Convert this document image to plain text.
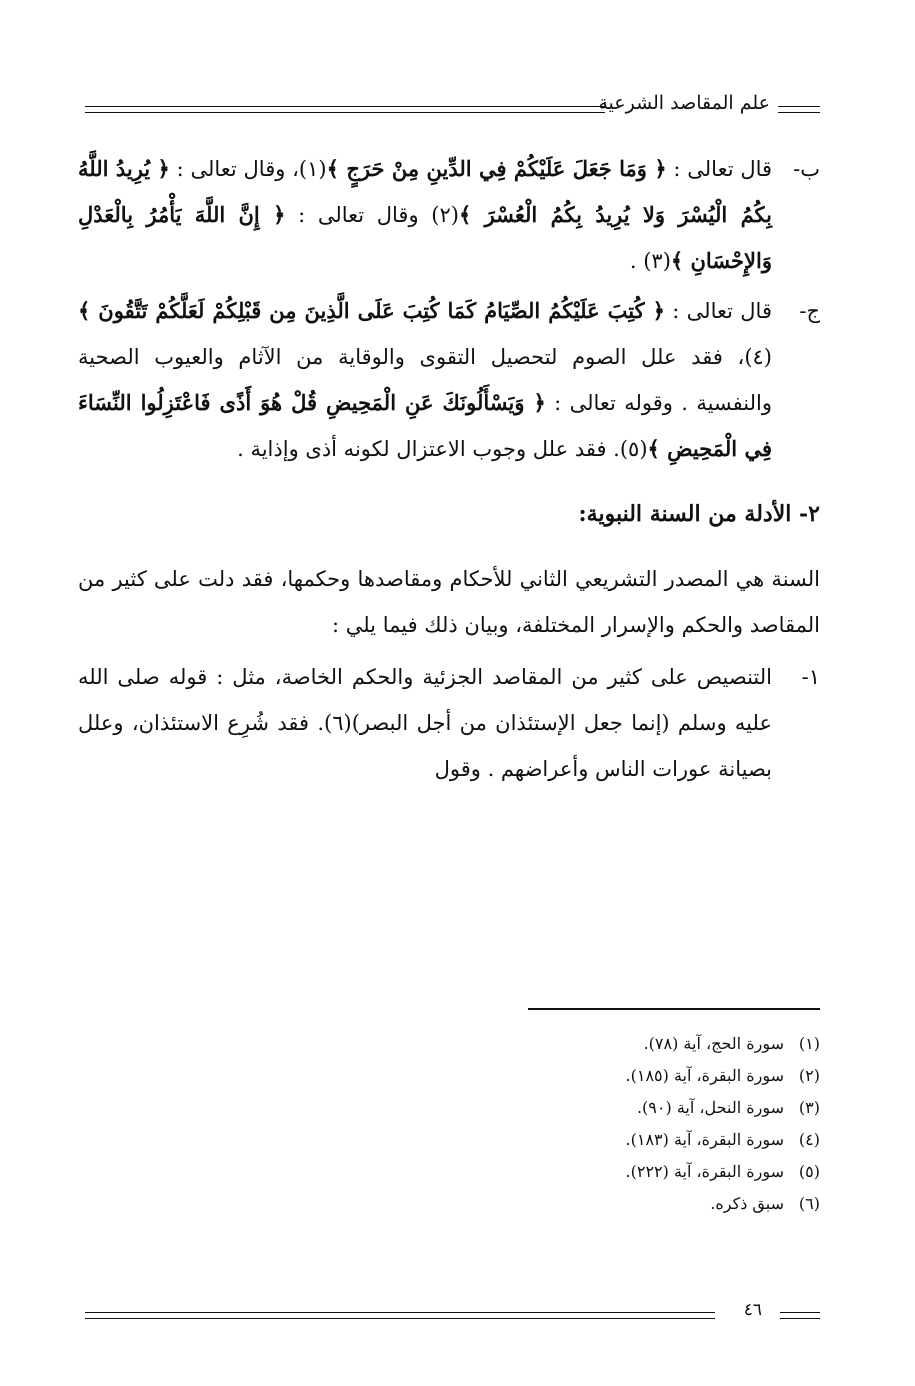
علم المقاصد الشرعية
ب-
قال تعالى : ﴿ وَمَا جَعَلَ عَلَيْكُمْ فِي الدِّينِ مِنْ حَرَجٍ ﴾(١)، وقال تعالى : ﴿ يُرِيدُ اللَّهُ بِكُمُ الْيُسْرَ وَلا يُرِيدُ بِكُمُ الْعُسْرَ ﴾(٢) وقال تعالى : ﴿ إِنَّ اللَّهَ يَأْمُرُ بِالْعَدْلِ وَالإِحْسَانِ ﴾(٣) .
ج-
قال تعالى : ﴿ كُتِبَ عَلَيْكُمُ الصِّيَامُ كَمَا كُتِبَ عَلَى الَّذِينَ مِن قَبْلِكُمْ لَعَلَّكُمْ تَتَّقُونَ ﴾(٤)، فقد علل الصوم لتحصيل التقوى والوقاية من الآثام والعيوب الصحية والنفسية . وقوله تعالى : ﴿ وَيَسْأَلُونَكَ عَنِ الْمَحِيضِ قُلْ هُوَ أَذًى فَاعْتَزِلُوا النِّسَاءَ فِي الْمَحِيضِ ﴾(٥). فقد علل وجوب الاعتزال لكونه أذى وإذاية .
٢- الأدلة من السنة النبوية:
السنة هي المصدر التشريعي الثاني للأحكام ومقاصدها وحكمها، فقد دلت على كثير من المقاصد والحكم والإسرار المختلفة، وبيان ذلك فيما يلي :
١-
التنصيص على كثير من المقاصد الجزئية والحكم الخاصة، مثل : قوله صلى الله عليه وسلم (إنما جعل الإستئذان من أجل البصر)(٦). فقد شُرِع الاستئذان، وعلل بصيانة عورات الناس وأعراضهم . وقول
(١)سورة الحج، آية (٧٨).
(٢)سورة البقرة، آية (١٨٥).
(٣)سورة النحل، آية (٩٠).
(٤)سورة البقرة، آية (١٨٣).
(٥)سورة البقرة، آية (٢٢٢).
(٦)سبق ذكره.
٤٦
